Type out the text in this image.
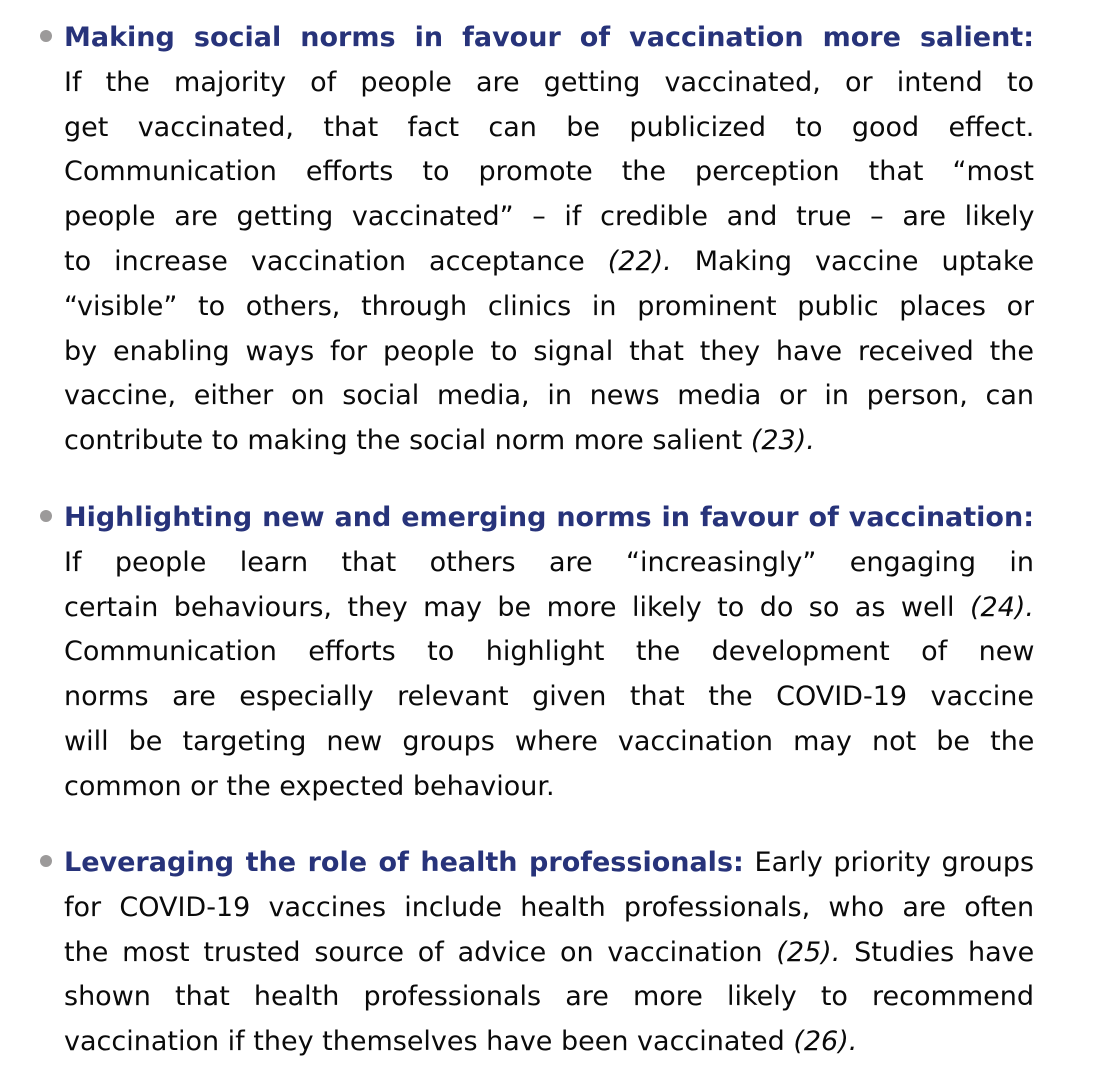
Making social norms in favour of vaccination more salient:
If the majority of people are getting vaccinated, or intend to
get vaccinated, that fact can be publicized to good effect.
Communication efforts to promote the perception that “most
people are getting vaccinated” – if credible and true – are likely
to increase vaccination acceptance (22). Making vaccine uptake
“visible” to others, through clinics in prominent public places or
by enabling ways for people to signal that they have received the
vaccine, either on social media, in news media or in person, can
contribute to making the social norm more salient (23).

Highlighting new and emerging norms in favour of vaccination:
If people learn that others are “increasingly” engaging in
certain behaviours, they may be more likely to do so as well (24).
Communication efforts to highlight the development of new
norms are especially relevant given that the COVID-19 vaccine
will be targeting new groups where vaccination may not be the
common or the expected behaviour.

Leveraging the role of health professionals: Early priority groups
for COVID-19 vaccines include health professionals, who are often
the most trusted source of advice on vaccination (25). Studies have
shown that health professionals are more likely to recommend
vaccination if they themselves have been vaccinated (26).
